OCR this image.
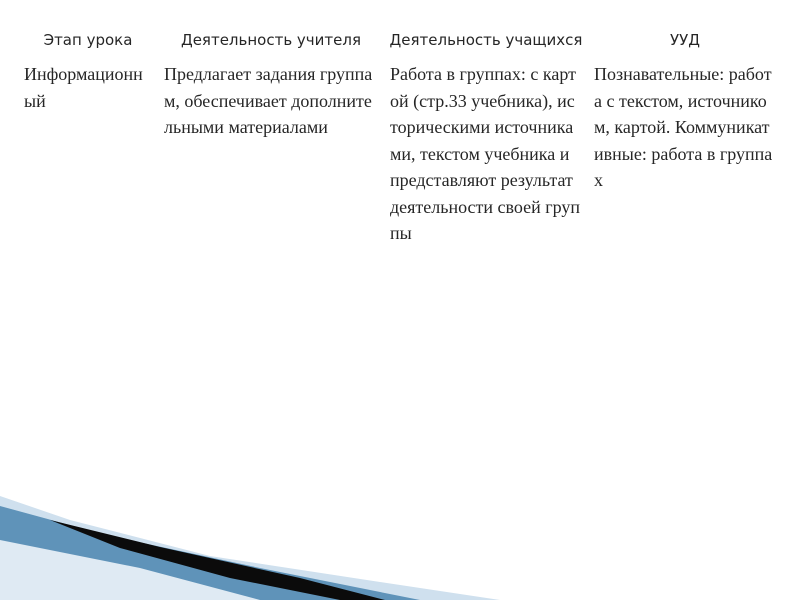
Этап урока	Деятельность учителя	Деятельность учащихся	УУД
Информационный	Предлагает задания группам, обеспечивает дополнительными материалами	Работа в группах: с картой (стр.33 учебника), историческими источниками, текстом учебника и представляют результат деятельности своей группы	Познавательные: работа с текстом, источником, картой. Коммуникативные: работа в группах
